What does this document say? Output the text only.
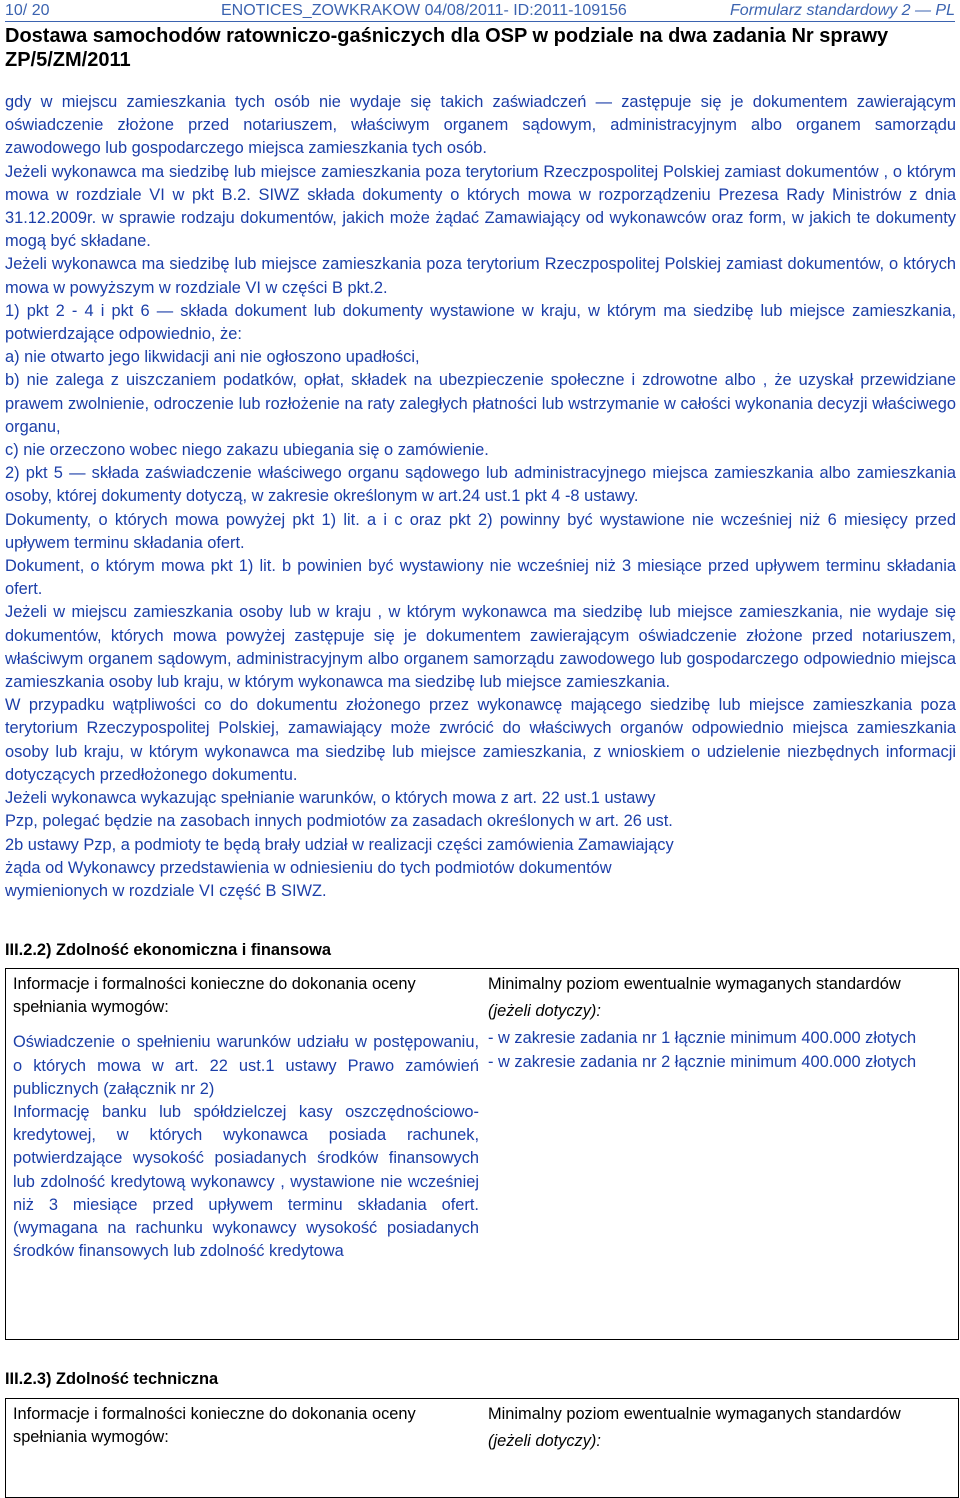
10/ 20	ENOTICES_ZOWKRAKOW 04/08/2011- ID:2011-109156	Formularz standardowy 2 — PL
Dostawa samochodów ratowniczo-gaśniczych dla OSP w podziale na dwa zadania Nr sprawy ZP/5/ZM/2011

gdy w miejscu zamieszkania tych osób nie wydaje się takich zaświadczeń — zastępuje się je dokumentem zawierającym oświadczenie złożone przed notariuszem, właściwym organem sądowym, administracyjnym albo organem samorządu zawodowego lub gospodarczego miejsca zamieszkania tych osób.

Jeżeli wykonawca ma siedzibę lub miejsce zamieszkania poza terytorium Rzeczpospolitej Polskiej zamiast dokumentów , o którym mowa w rozdziale VI w pkt B.2. SIWZ składa dokumenty o których mowa w rozporządzeniu Prezesa Rady Ministrów z dnia 31.12.2009r. w sprawie rodzaju dokumentów, jakich może żądać Zamawiający od wykonawców oraz form, w jakich te dokumenty mogą być składane.

Jeżeli wykonawca ma siedzibę lub miejsce zamieszkania poza terytorium Rzeczpospolitej Polskiej zamiast dokumentów, o których mowa w powyższym w rozdziale VI w części B pkt.2.

1) pkt 2 - 4 i pkt 6 — składa dokument lub dokumenty wystawione w kraju, w którym ma siedzibę lub miejsce zamieszkania, potwierdzające odpowiednio, że:

a) nie otwarto jego likwidacji ani nie ogłoszono upadłości,

b) nie zalega z uiszczaniem podatków, opłat, składek na ubezpieczenie społeczne i zdrowotne albo , że uzyskał przewidziane prawem zwolnienie, odroczenie lub rozłożenie na raty zaległych płatności lub wstrzymanie w całości wykonania decyzji właściwego organu,

c) nie orzeczono wobec niego zakazu ubiegania się o zamówienie.

2) pkt 5 — składa zaświadczenie właściwego organu sądowego lub administracyjnego miejsca zamieszkania albo zamieszkania osoby, której dokumenty dotyczą, w zakresie określonym w art.24 ust.1 pkt 4 -8 ustawy.

Dokumenty, o których mowa powyżej pkt 1) lit. a i c oraz pkt 2) powinny być wystawione nie wcześniej niż 6 miesięcy przed upływem terminu składania ofert.

Dokument, o którym mowa pkt 1) lit. b powinien być wystawiony nie wcześniej niż 3 miesiące przed upływem terminu składania ofert.

Jeżeli w miejscu zamieszkania osoby lub w kraju , w którym wykonawca ma siedzibę lub miejsce zamieszkania, nie wydaje się dokumentów, których mowa powyżej zastępuje się je dokumentem zawierającym oświadczenie złożone przed notariuszem, właściwym organem sądowym, administracyjnym albo organem samorządu zawodowego lub gospodarczego odpowiednio miejsca zamieszkania osoby lub kraju, w którym wykonawca ma siedzibę lub miejsce zamieszkania.

W przypadku wątpliwości co do dokumentu złożonego przez wykonawcę mającego siedzibę lub miejsce zamieszkania poza terytorium Rzeczypospolitej Polskiej, zamawiający może zwrócić do właściwych organów odpowiednio miejsca zamieszkania osoby lub kraju, w którym wykonawca ma siedzibę lub miejsce zamieszkania, z wnioskiem o udzielenie niezbędnych informacji dotyczących przedłożonego dokumentu.

Jeżeli wykonawca wykazując spełnianie warunków, o których mowa z art. 22 ust.1 ustawy

Pzp, polegać będzie na zasobach innych podmiotów za zasadach określonych w art. 26 ust.

2b ustawy Pzp, a podmioty te będą brały udział w realizacji części zamówienia Zamawiający

żąda od Wykonawcy przedstawienia w odniesieniu do tych podmiotów dokumentów

wymienionych w rozdziale VI część B SIWZ.

III.2.2) Zdolność ekonomiczna i finansowa
Informacje i formalności konieczne do dokonania oceny spełniania wymogów:
Oświadczenie o spełnieniu warunków udziału w postępowaniu, o których mowa w art. 22 ust.1 ustawy Prawo zamówień publicznych (załącznik nr 2)
Informację banku lub spółdzielczej kasy oszczędnościowo- kredytowej, w których wykonawca posiada rachunek, potwierdzające wysokość posiadanych środków finansowych lub zdolność kredytową wykonawcy , wystawione nie wcześniej niż 3 miesiące przed upływem terminu składania ofert. (wymagana na rachunku wykonawcy wysokość posiadanych środków finansowych lub zdolność kredytowa
Minimalny poziom ewentualnie wymaganych standardów
(jeżeli dotyczy):
- w zakresie zadania nr 1 łącznie minimum 400.000 złotych
- w zakresie zadania nr 2 łącznie minimum 400.000 złotych
III.2.3) Zdolność techniczna
Informacje i formalności konieczne do dokonania oceny spełniania wymogów:
Minimalny poziom ewentualnie wymaganych standardów
(jeżeli dotyczy):
